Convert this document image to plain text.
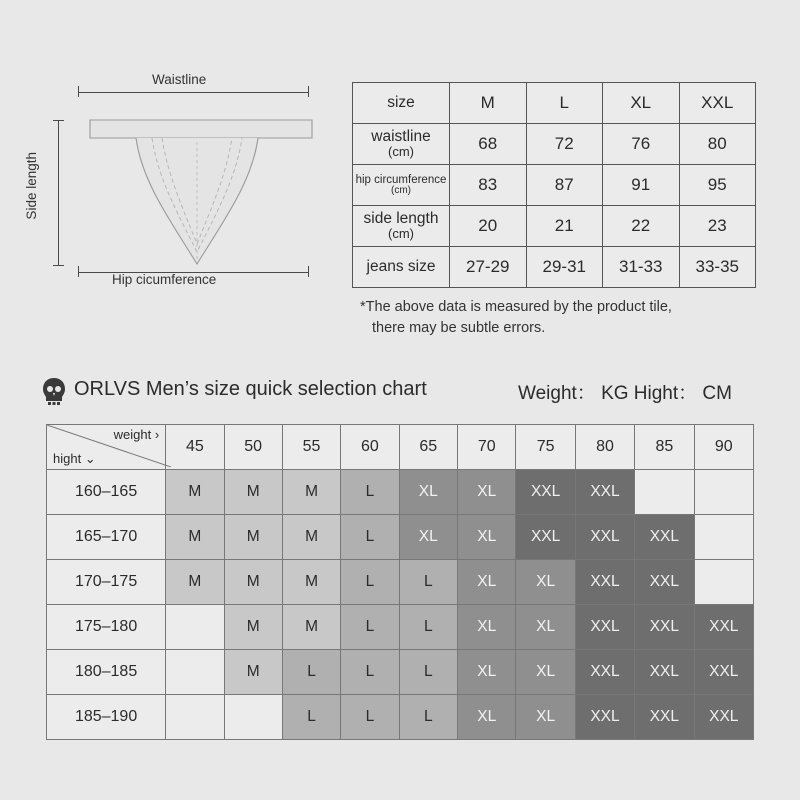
Waistline
Hip cicumference
Side length
size	M	L	XL	XXL
waistline
(cm)	68	72	76	80
hip circumference
(cm)	83	87	91	95
side length
(cm)	20	21	22	23
jeans size	27-29	29-31	31-33	33-35
*The above data is measured by the product tile,
there may be subtle errors.
ORLVS Men’s size quick selection chart	Weight： KG Hight： CM
weight ›
hight ⌄	45	50	55	60	65	70	75	80	85	90
160–165	M	M	M	L	XL	XL	XXL	XXL		
165–170	M	M	M	L	XL	XL	XXL	XXL	XXL	
170–175	M	M	M	L	L	XL	XL	XXL	XXL	
175–180		M	M	L	L	XL	XL	XXL	XXL	XXL
180–185		M	L	L	L	XL	XL	XXL	XXL	XXL
185–190			L	L	L	XL	XL	XXL	XXL	XXL
